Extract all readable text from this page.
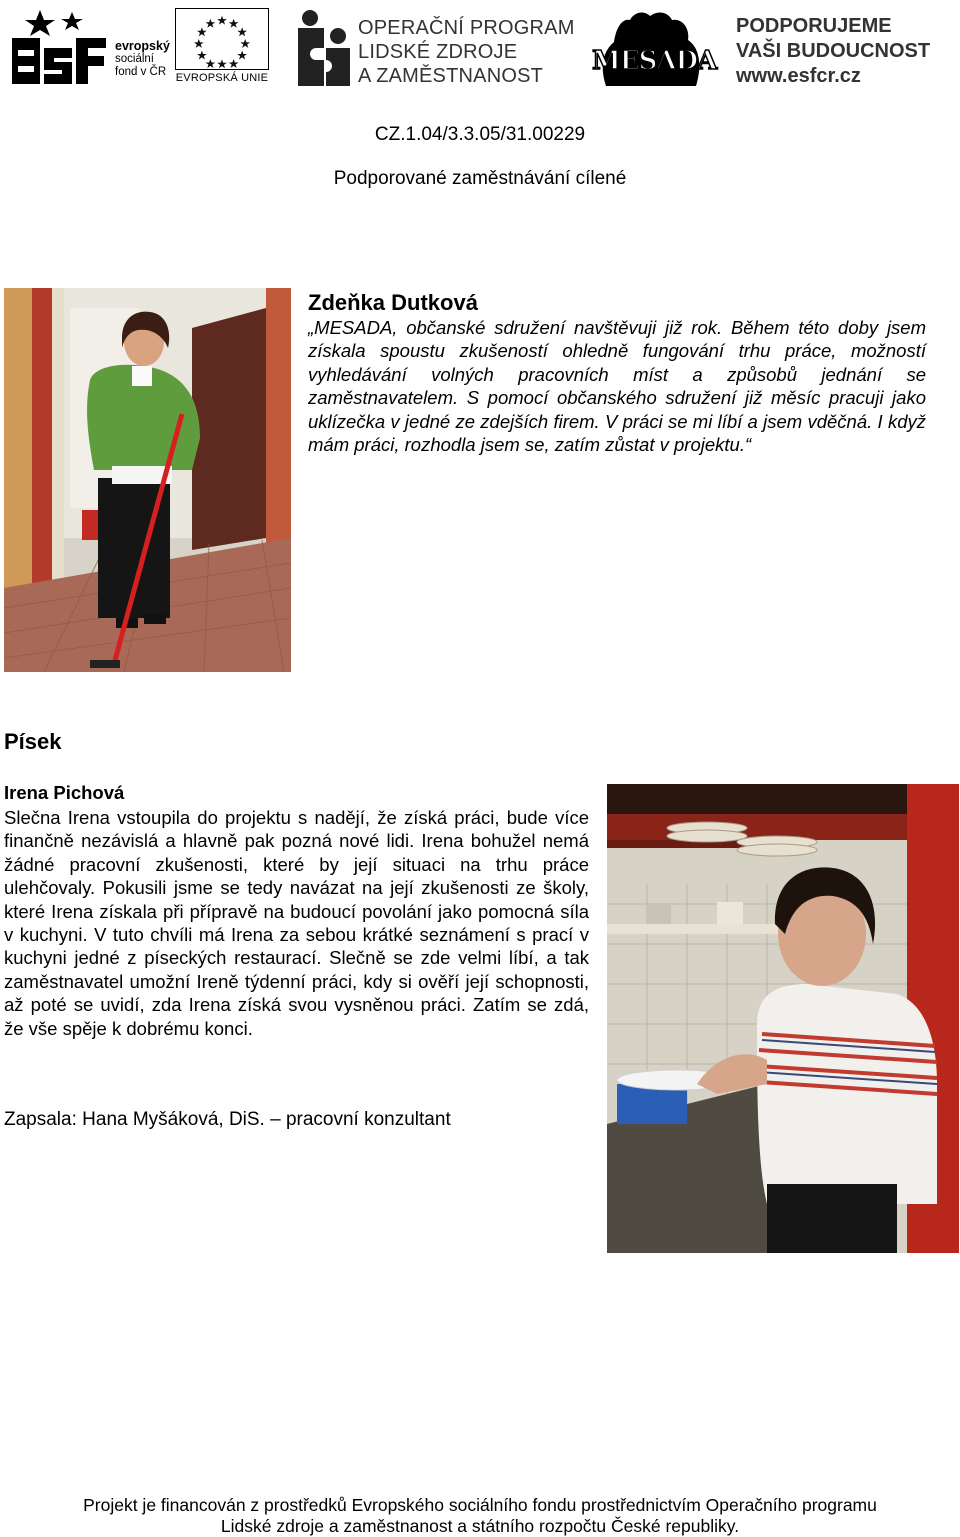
evropský
sociální
fond v ČR EVROPSKÁ UNIE
OPERAČNÍ PROGRAM
LIDSKÉ ZDROJE
A ZAMĚSTNANOST	MESADA
PODPORUJEME
VAŠI BUDOUCNOST
www.esfcr.cz
CZ.1.04/3.3.05/31.00229
Podporované zaměstnávání cílené
Zdeňka Dutková
„MESADA, občanské sdružení navštěvuji již rok. Během této doby jsem získala spoustu zkušeností ohledně fungování trhu práce, možností vyhledávání volných pracovních míst a způsobů jednání se zaměstnavatelem. S pomocí občanského sdružení již měsíc pracuji jako uklízečka v jedné ze zdejších firem. V práci se mi líbí a jsem vděčná. I když mám práci, rozhodla jsem se, zatím zůstat v projektu.“
Písek
Irena Pichová
Slečna Irena vstoupila do projektu s nadějí, že získá práci, bude více finančně nezávislá a hlavně pak pozná nové lidi. Irena bohužel nemá žádné pracovní zkušenosti, které by její situaci na trhu práce ulehčovaly. Pokusili jsme se tedy navázat na její zkušenosti ze školy, které Irena získala při přípravě na budoucí povolání jako pomocná síla v kuchyni. V tuto chvíli má Irena za sebou krátké seznámení s prací v kuchyni jedné z píseckých restaurací. Slečně se zde velmi líbí, a tak zaměstnavatel umožní Ireně týdenní práci, kdy si ověří její schopnosti, až poté se uvidí, zda Irena získá svou vysněnou práci. Zatím se zdá, že vše spěje k dobrému konci.
Zapsala: Hana Myšáková, DiS. – pracovní konzultant
Projekt je financován z prostředků Evropského sociálního fondu prostřednictvím Operačního programu
Lidské zdroje a zaměstnanost a státního rozpočtu České republiky.
